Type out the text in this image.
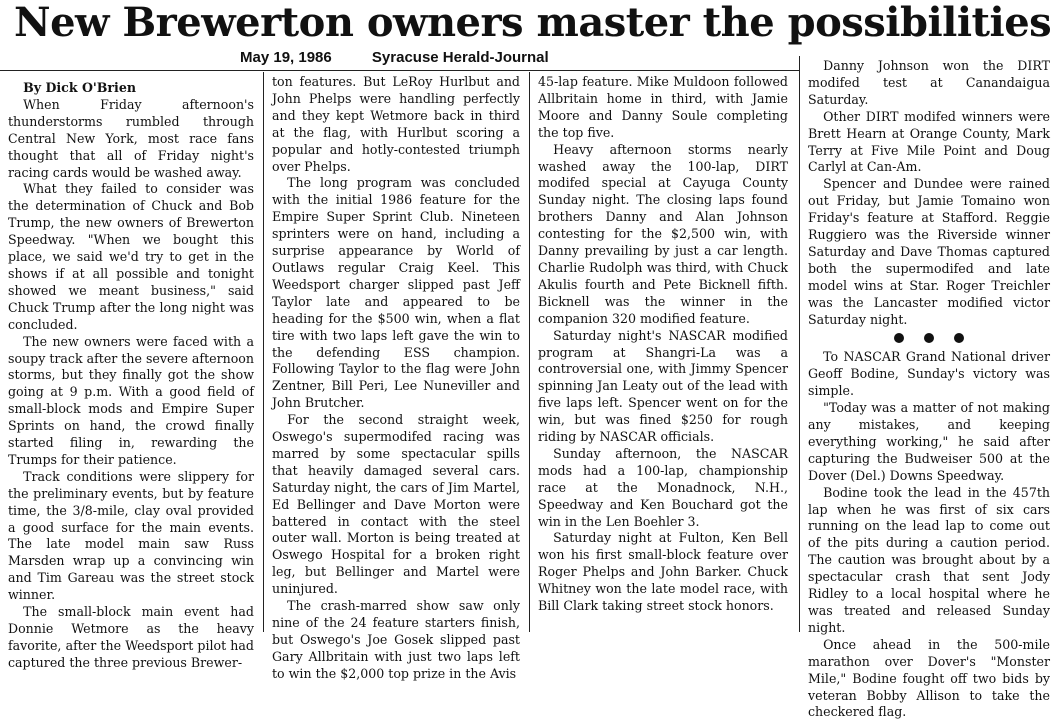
New Brewerton owners master the possibilities
May 19, 1986	Syracuse Herald-Journal

By Dick O'Brien

When Friday afternoon's thunderstorms rumbled through Central New York, most race fans thought that all of Friday night's racing cards would be washed away.

What they failed to consider was the determination of Chuck and Bob Trump, the new owners of Brewerton Speedway. "When we bought this place, we said we'd try to get in the shows if at all possible and tonight showed we meant business," said Chuck Trump after the long night was concluded.

The new owners were faced with a soupy track after the severe afternoon storms, but they finally got the show going at 9 p.m. With a good field of small-block mods and Empire Super Sprints on hand, the crowd finally started filing in, rewarding the Trumps for their patience.

Track conditions were slippery for the preliminary events, but by feature time, the 3/8-mile, clay oval provided a good surface for the main events. The late model main saw Russ Marsden wrap up a convincing win and Tim Gareau was the street stock winner.

The small-block main event had Donnie Wetmore as the heavy favorite, after the Weedsport pilot had captured the three previous Brewer-

ton features. But LeRoy Hurlbut and John Phelps were handling perfectly and they kept Wetmore back in third at the flag, with Hurlbut scoring a popular and hotly-contested triumph over Phelps.

The long program was concluded with the initial 1986 feature for the Empire Super Sprint Club. Nineteen sprinters were on hand, including a surprise appearance by World of Outlaws regular Craig Keel. This Weedsport charger slipped past Jeff Taylor late and appeared to be heading for the $500 win, when a flat tire with two laps left gave the win to the defending ESS champion. Following Taylor to the flag were John Zentner, Bill Peri, Lee Nuneviller and John Brutcher.

For the second straight week, Oswego's supermodifed racing was marred by some spectacular spills that heavily damaged several cars. Saturday night, the cars of Jim Martel, Ed Bellinger and Dave Morton were battered in contact with the steel outer wall. Morton is being treated at Oswego Hospital for a broken right leg, but Bellinger and Martel were uninjured.

The crash-marred show saw only nine of the 24 feature starters finish, but Oswego's Joe Gosek slipped past Gary Allbritain with just two laps left to win the $2,000 top prize in the Avis

45-lap feature. Mike Muldoon followed Allbritain home in third, with Jamie Moore and Danny Soule completing the top five.

Heavy afternoon storms nearly washed away the 100-lap, DIRT modifed special at Cayuga County Sunday night. The closing laps found brothers Danny and Alan Johnson contesting for the $2,500 win, with Danny prevailing by just a car length. Charlie Rudolph was third, with Chuck Akulis fourth and Pete Bicknell fifth. Bicknell was the winner in the companion 320 modified feature.

Saturday night's NASCAR modified program at Shangri-La was a controversial one, with Jimmy Spencer spinning Jan Leaty out of the lead with five laps left. Spencer went on for the win, but was fined $250 for rough riding by NASCAR officials.

Sunday afternoon, the NASCAR mods had a 100-lap, championship race at the Monadnock, N.H., Speedway and Ken Bouchard got the win in the Len Boehler 3.

Saturday night at Fulton, Ken Bell won his first small-block feature over Roger Phelps and John Barker. Chuck Whitney won the late model race, with Bill Clark taking street stock honors.

Danny Johnson won the DIRT modifed test at Canandaigua Saturday.

Other DIRT modifed winners were Brett Hearn at Orange County, Mark Terry at Five Mile Point and Doug Carlyl at Can-Am.

Spencer and Dundee were rained out Friday, but Jamie Tomaino won Friday's feature at Stafford. Reggie Ruggiero was the Riverside winner Saturday and Dave Thomas captured both the supermodifed and late model wins at Star. Roger Treichler was the Lancaster modified victor Saturday night.

To NASCAR Grand National driver Geoff Bodine, Sunday's victory was simple.

"Today was a matter of not making any mistakes, and keeping everything working," he said after capturing the Budweiser 500 at the Dover (Del.) Downs Speedway.

Bodine took the lead in the 457th lap when he was first of six cars running on the lead lap to come out of the pits during a caution period. The caution was brought about by a spectacular crash that sent Jody Ridley to a local hospital where he was treated and released Sunday night.

Once ahead in the 500-mile marathon over Dover's "Monster Mile," Bodine fought off two bids by veteran Bobby Allison to take the checkered flag.
